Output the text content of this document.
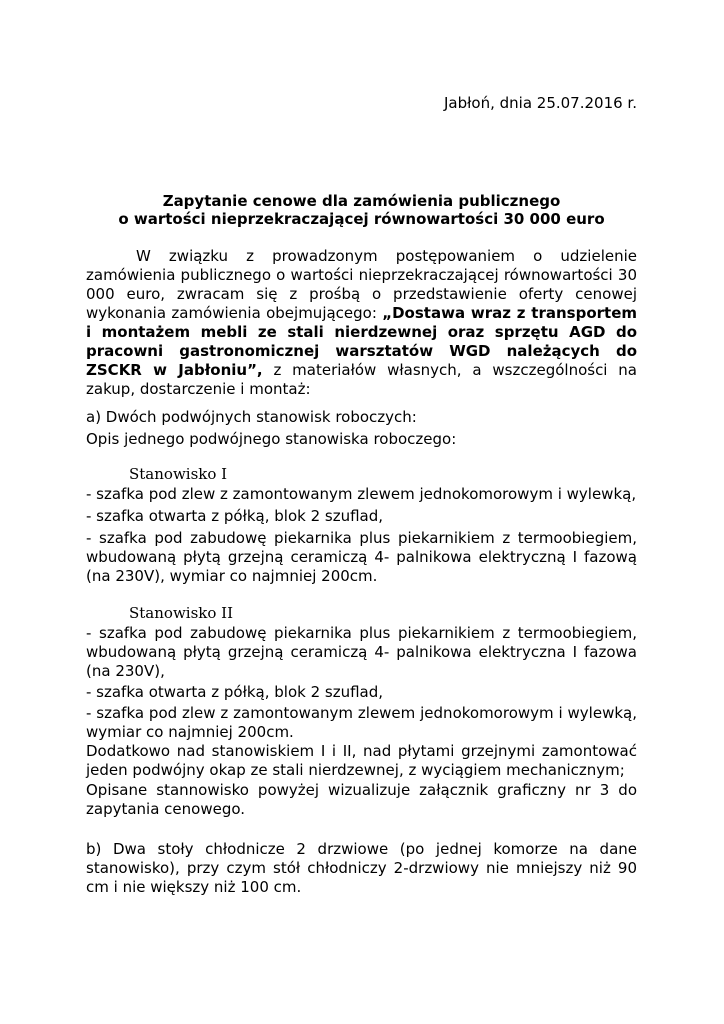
Jabłoń, dnia 25.07.2016 r.
Zapytanie cenowe dla zamówienia publicznego
o wartości nieprzekraczającej równowartości 30 000 euro

W związku z prowadzonym postępowaniem o udzielenie zamówienia publicznego o wartości nieprzekraczającej równowartości 30 000 euro, zwracam się z prośbą o przedstawienie oferty cenowej wykonania zamówienia obejmującego: „Dostawa wraz z transportem i montażem mebli ze stali nierdzewnej oraz sprzętu AGD do pracowni gastronomicznej warsztatów WGD należących do ZSCKR w Jabłoniu”, z materiałów własnych, a wszczególności na zakup, dostarczenie i montaż:

a) Dwóch podwójnych stanowisk roboczych:

Opis jednego podwójnego stanowiska roboczego:

Stanowisko I

- szafka pod zlew z zamontowanym zlewem jednokomorowym i wylewką,

- szafka otwarta z półką, blok 2 szuflad,

- szafka pod zabudowę piekarnika plus piekarnikiem z termoobiegiem, wbudowaną płytą grzejną ceramiczą 4- palnikowa elektryczną I fazową (na 230V), wymiar co najmniej 200cm.

Stanowisko II

- szafka pod zabudowę piekarnika plus piekarnikiem z termoobiegiem, wbudowaną płytą grzejną ceramiczą 4- palnikowa elektryczna I fazowa (na 230V),

- szafka otwarta z półką, blok 2 szuflad,

- szafka pod zlew z zamontowanym zlewem jednokomorowym i wylewką, wymiar co najmniej 200cm.

Dodatkowo nad stanowiskiem I i II, nad płytami grzejnymi zamontować jeden podwójny okap ze stali nierdzewnej, z wyciągiem mechanicznym;

Opisane stannowisko powyżej wizualizuje załącznik graficzny nr 3 do zapytania cenowego.

b) Dwa stoły chłodnicze 2 drzwiowe (po jednej komorze na dane stanowisko), przy czym stół chłodniczy 2-drzwiowy nie mniejszy niż 90 cm i nie większy niż 100 cm.
